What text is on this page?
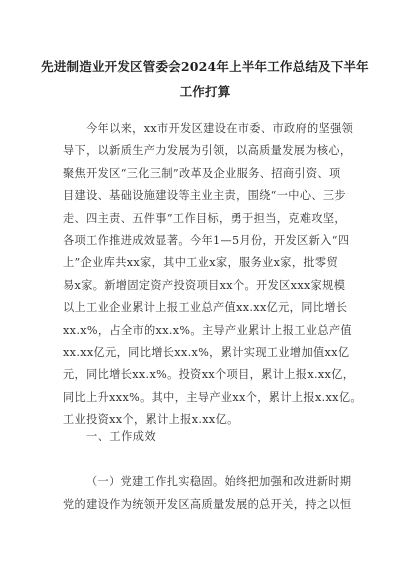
先进制造业开发区管委会2024年上半年工作总结及下半年
工作打算
今年以来，xx市开发区建设在市委、市政府的坚强领
导下，以新质生产力发展为引领，以高质量发展为核心，
聚焦开发区“三化三制”改革及企业服务、招商引资、项
目建设、基础设施建设等主业主责，围绕“一中心、三步
走、四主责、五件事”工作目标，勇于担当，克难攻坚，
各项工作推进成效显著。今年1—5月份，开发区新入“四
上”企业库共xx家，其中工业x家，服务业x家，批零贸
易x家。新增固定资产投资项目xx个。开发区xxx家规模
以上工业企业累计上报工业总产值xx.xx亿元，同比增长
xx.x%，占全市的xx.x%。主导产业累计上报工业总产值
xx.xx亿元，同比增长xx.x%，累计实现工业增加值xx亿
元，同比增长xx.x%。投资xx个项目，累计上报x.xx亿，
同比上升xxx%。其中，主导产业xx个，累计上报x.xx亿。
工业投资xx个，累计上报x.xx亿。
一、工作成效
（一）党建工作扎实稳固。始终把加强和改进新时期
党的建设作为统领开发区高质量发展的总开关，持之以恒
